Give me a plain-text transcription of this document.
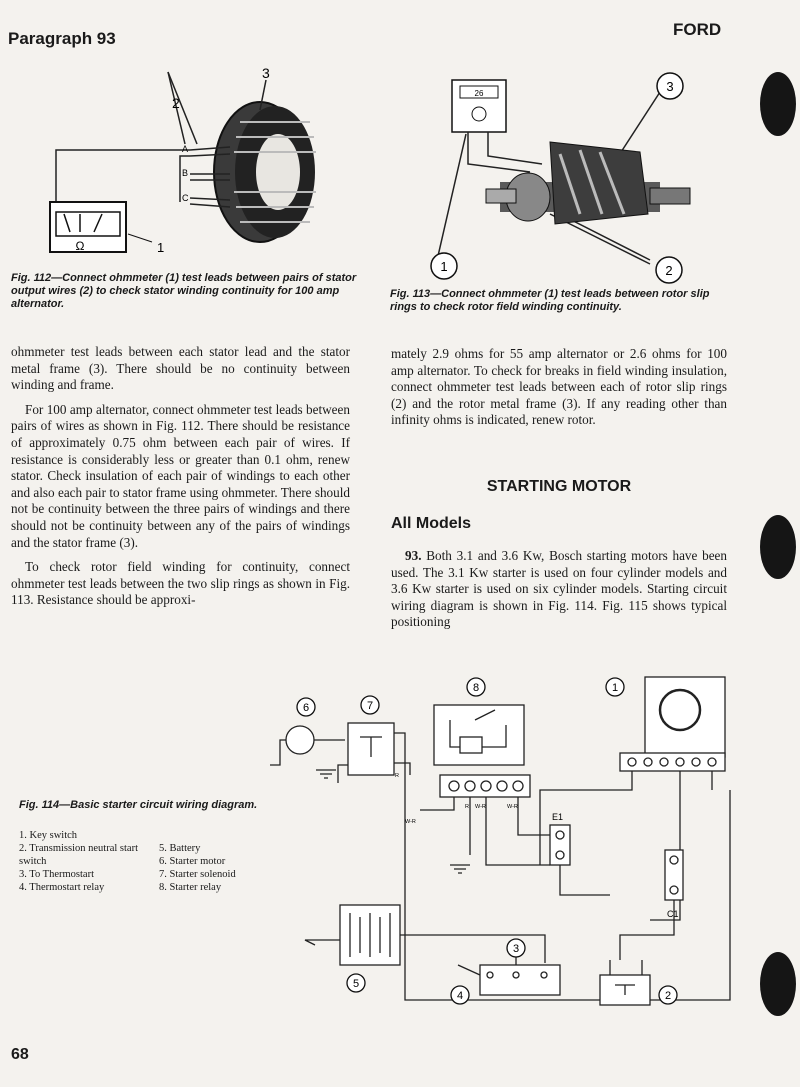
Paragraph 93	FORD
Ω	1
2
3
A
B
C
Fig. 112—Connect ohmmeter (1) test leads between pairs of stator output wires (2) to check stator winding continuity for 100 amp alternator.
26
1	2
3
Fig. 113—Connect ohmmeter (1) test leads between rotor slip rings to check rotor field winding continuity.

ohmmeter test leads between each stator lead and the stator metal frame (3). There should be no continuity between winding and frame.

For 100 amp alternator, connect ohmmeter test leads between pairs of wires as shown in Fig. 112. There should be resistance of approximately 0.75 ohm between each pair of wires. If resistance is considerably less or greater than 0.1 ohm, renew stator. Check insulation of each pair of windings to each other and also each pair to stator frame using ohmmeter. There should not be continuity between the three pairs of windings and there should not be continuity between any of the pairs of windings and the stator frame (3).

To check rotor field winding for continuity, connect ohmmeter test leads between the two slip rings as shown in Fig. 113. Resistance should be approxi-

mately 2.9 ohms for 55 amp alternator or 2.6 ohms for 100 amp alternator. To check for breaks in field winding insulation, connect ohmmeter test leads between each of rotor slip rings (2) and the rotor metal frame (3). If any reading other than infinity ohms is indicated, renew rotor.

STARTING MOTOR
All Models

93. Both 3.1 and 3.6 Kw, Bosch starting motors have been used. The 3.1 Kw starter is used on four cylinder models and 3.6 Kw starter is used on six cylinder models. Starting circuit wiring diagram is shown in Fig. 114. Fig. 115 shows typical positioning

Fig. 114—Basic starter circuit wiring diagram.
1. Key switch
2. Transmission neutral start switch
3. To Thermostart
4. Thermostart relay
5. Battery
6. Starter motor
7. Starter solenoid
8. Starter relay
1
2
3
4
5
6	7
8
E1
C1
W-R
W-R	W-R
R
R
68
